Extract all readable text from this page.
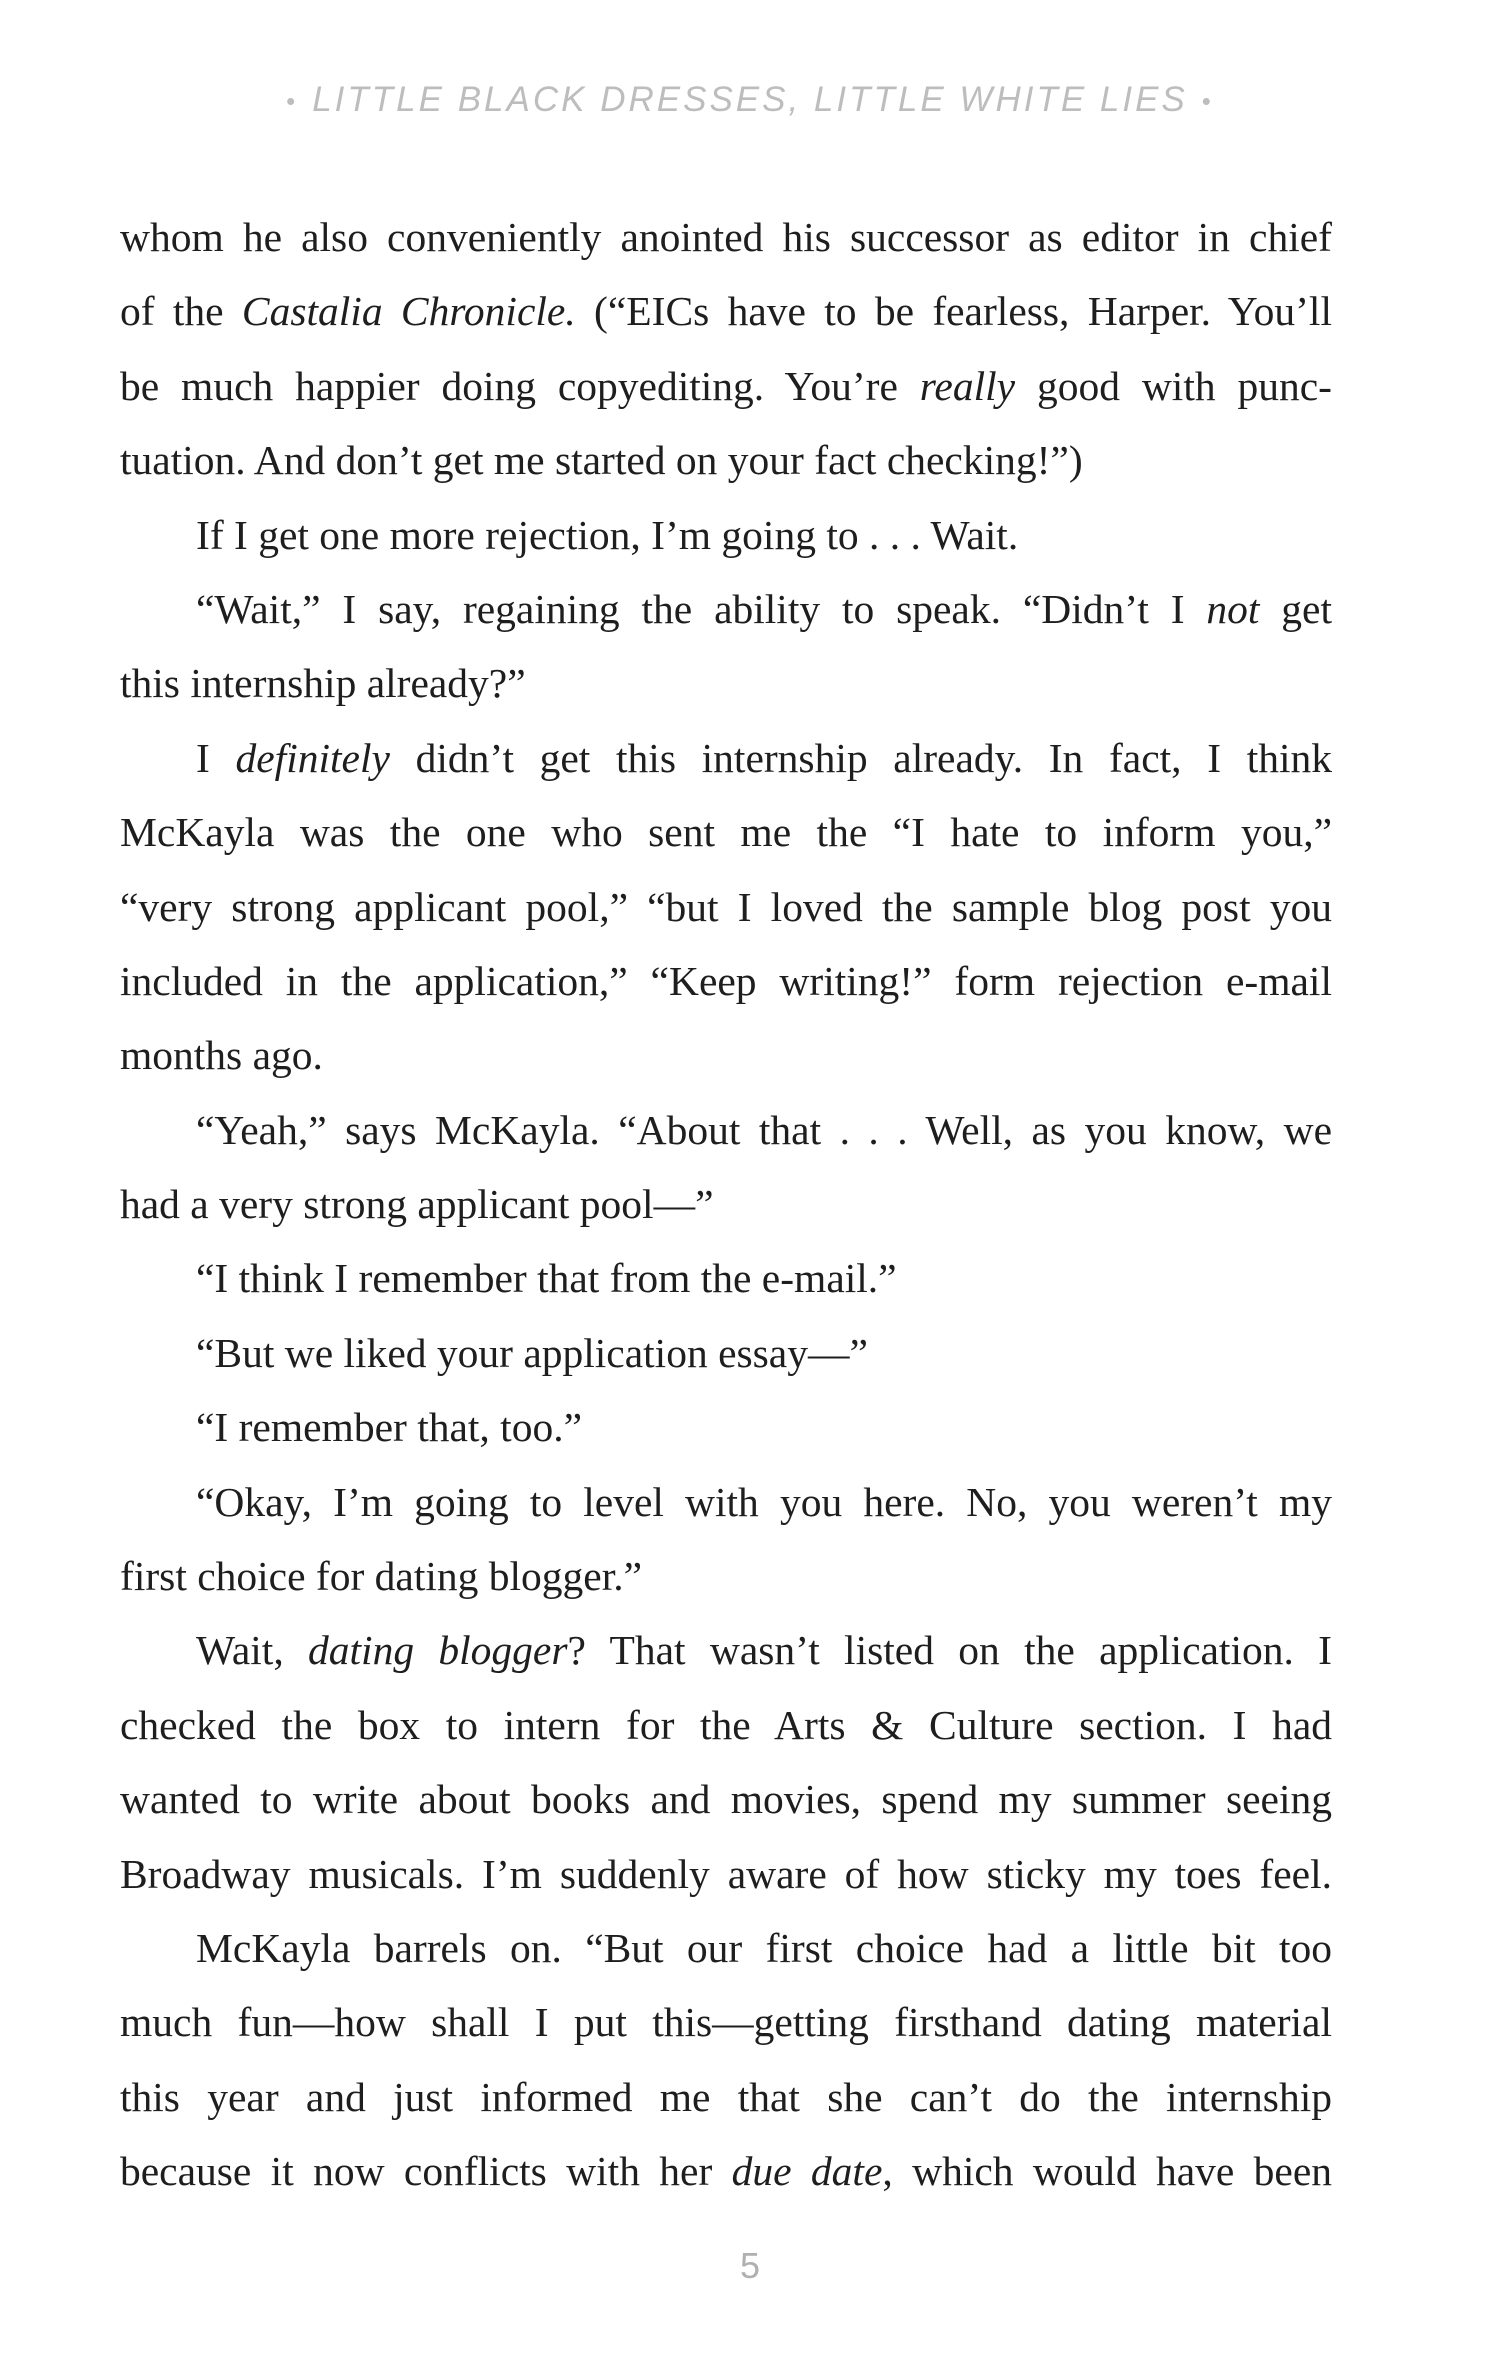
• LITTLE BLACK DRESSES, LITTLE WHITE LIES •
whom he also conveniently anointed his successor as editor in chief
of the Castalia Chronicle. (“EICs have to be fearless, Harper. You’ll
be much happier doing copyediting. You’re really good with punc-
tuation. And don’t get me started on your fact checking!”)
If I get one more rejection, I’m going to . . . Wait.
“Wait,” I say, regaining the ability to speak. “Didn’t I not get
this internship already?”
I definitely didn’t get this internship already. In fact, I think
McKayla was the one who sent me the “I hate to inform you,”
“very strong applicant pool,” “but I loved the sample blog post you
included in the application,” “Keep writing!” form rejection e-mail
months ago.
“Yeah,” says McKayla. “About that . . . Well, as you know, we
had a very strong applicant pool—”
“I think I remember that from the e-mail.”
“But we liked your application essay—”
“I remember that, too.”
“Okay, I’m going to level with you here. No, you weren’t my
first choice for dating blogger.”
Wait, dating blogger? That wasn’t listed on the application. I
checked the box to intern for the Arts & Culture section. I had
wanted to write about books and movies, spend my summer seeing
Broadway musicals. I’m suddenly aware of how sticky my toes feel.
McKayla barrels on. “But our first choice had a little bit too
much fun—how shall I put this—getting firsthand dating material
this year and just informed me that she can’t do the internship
because it now conflicts with her due date, which would have been
5
